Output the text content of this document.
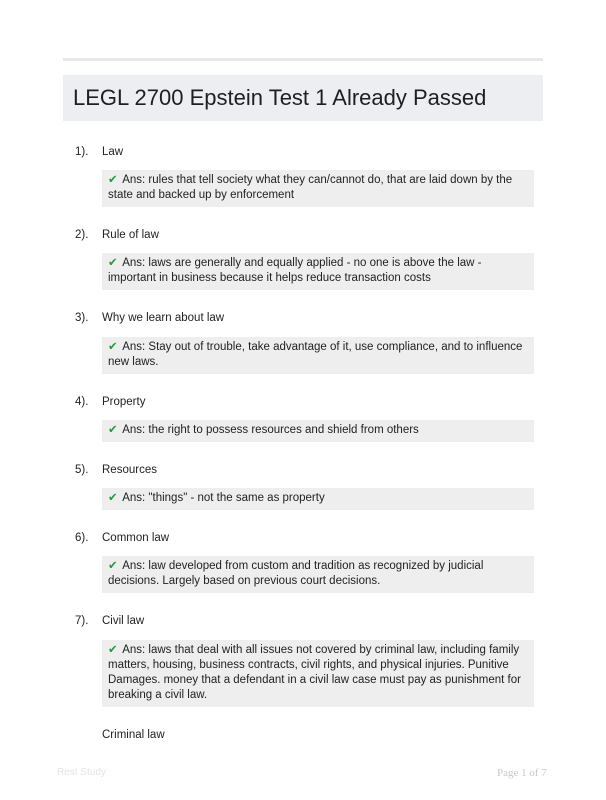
LEGL 2700 Epstein Test 1 Already Passed
1). Law
✔ Ans: rules that tell society what they can/cannot do, that are laid down by the state and backed up by enforcement
2). Rule of law
✔ Ans: laws are generally and equally applied - no one is above the law - important in business because it helps reduce transaction costs
3). Why we learn about law
✔ Ans: Stay out of trouble, take advantage of it, use compliance, and to influence new laws.
4). Property
✔ Ans: the right to possess resources and shield from others
5). Resources
✔ Ans: "things" - not the same as property
6). Common law
✔ Ans: law developed from custom and tradition as recognized by judicial decisions. Largely based on previous court decisions.
7). Civil law
✔ Ans: laws that deal with all issues not covered by criminal law, including family matters, housing, business contracts, civil rights, and physical injuries. Punitive Damages. money that a defendant in a civil law case must pay as punishment for breaking a civil law.
Criminal law
Rest Study	Page 1 of 7
